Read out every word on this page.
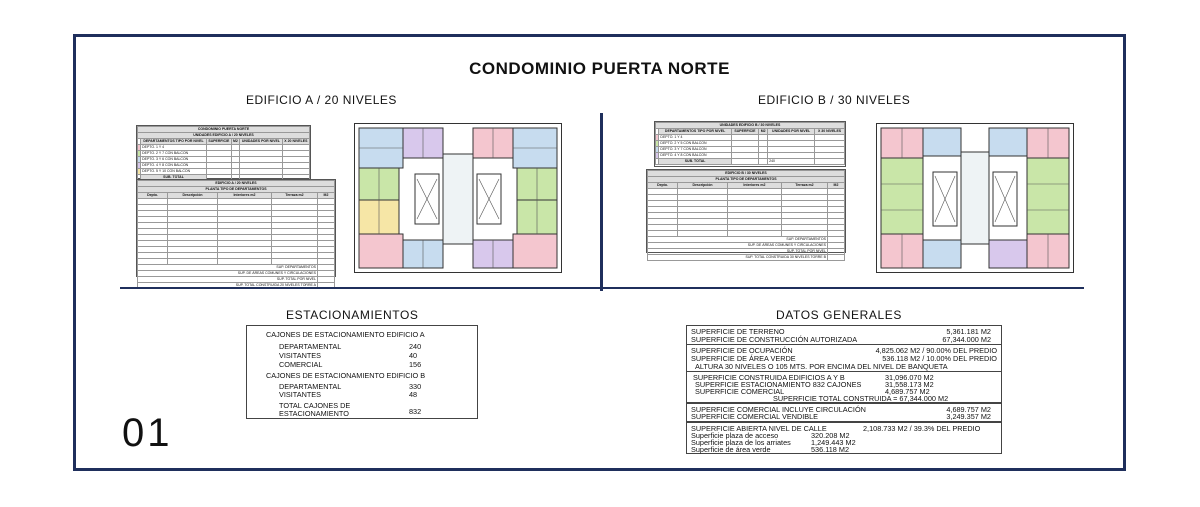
CONDOMINIO PUERTA NORTE
EDIFICIO A / 20 NIVELES	EDIFICIO B / 30 NIVELES
CONDOMINIO PUERTA NORTE					
UNIDADES EDIFICIO A / 20 NIVELES					
	DEPARTAMENTOS TIPO POR NIVEL	SUPERFICIE	M2	UNIDADES POR NIVEL	X 20 NIVELES
	DEPTO. 1 Y 4				
	DEPTO. 2 Y 7 CON BALCON				
	DEPTO. 3 Y 6 CON BALCON				
	DEPTO. 4 Y 8 CON BALCON				
	DEPTO. 5 Y 10 CON BALCON				
	SUB. TOTAL				
EDIFICIO A / 20 NIVELES				
PLANTA TIPO DE DEPARTAMENTOS				
Depto.	Descripción	Interiores m2	Terraza m2	M2

SUP. DEPARTAMENTOS				
SUP. DE ÁREAS COMUNES Y CIRCULACIONES				
SUP. TOTAL POR NIVEL				
SUP. TOTAL CONSTRUIDA 20 NIVELES TORRE A				
UNIDADES EDIFICIO B / 30 NIVELES					
	DEPARTAMENTOS TIPO POR NIVEL	SUPERFICIE	M2	UNIDADES POR NIVEL	X 30 NIVELES
	DEPTO. 1 Y 4				
	DEPTO. 2 Y 5 CON BALCON				
	DEPTO. 3 Y 7 CON BALCON				
	DEPTO. 4 Y 8 CON BALCON				
	SUB. TOTAL			240	
EDIFICIO B / 30 NIVELES				
PLANTA TIPO DE DEPARTAMENTOS				
Depto.	Descripción	Interiores m2	Terraza m2	M2

SUP. DEPARTAMENTOS				
SUP. DE ÁREAS COMUNES Y CIRCULACIONES				
SUP. TOTAL POR NIVEL				
SUP. TOTAL CONSTRUIDA 30 NIVELES TORRE B				
ESTACIONAMIENTOS
CAJONES DE ESTACIONAMIENTO EDIFICIO A
DEPARTAMENTAL	240
VISITANTES	40
COMERCIAL	156
CAJONES DE ESTACIONAMIENTO EDIFICIO B
DEPARTAMENTAL	330
VISITANTES	48
TOTAL CAJONES DE
ESTACIONAMIENTO	832
DATOS GENERALES
SUPERFICIE DE TERRENO	5,361.181 M2
SUPERFICIE DE CONSTRUCCIÓN AUTORIZADA	67,344.000 M2
SUPERFICIE DE OCUPACIÓN	4,825.062 M2 / 90.00% DEL PREDIO
SUPERFICIE DE ÁREA VERDE	536.118 M2 / 10.00% DEL PREDIO
ALTURA 30 NIVELES O 105 MTS. POR ENCIMA DEL NIVEL DE BANQUETA
SUPERFICIE CONSTRUIDA EDIFICIOS A Y B	31,096.070 M2
SUPERFICIE ESTACIONAMIENTO 832 CAJONES	31,558.173 M2
SUPERFICIE COMERCIAL	4,689.757 M2
SUPERFICIE TOTAL CONSTRUIDA = 67,344.000 M2
SUPERFICIE COMERCIAL INCLUYE CIRCULACIÓN	4,689.757 M2
SUPERFICIE COMERCIAL VENDIBLE	3,249.357 M2
SUPERFICIE ABIERTA NIVEL DE CALLE	2,108.733 M2 / 39.3% DEL PREDIO
Superficie plaza de acceso	320.208 M2
Superficie plaza de los arriates	1,249.443 M2
Superficie de área verde	536.118 M2
01
